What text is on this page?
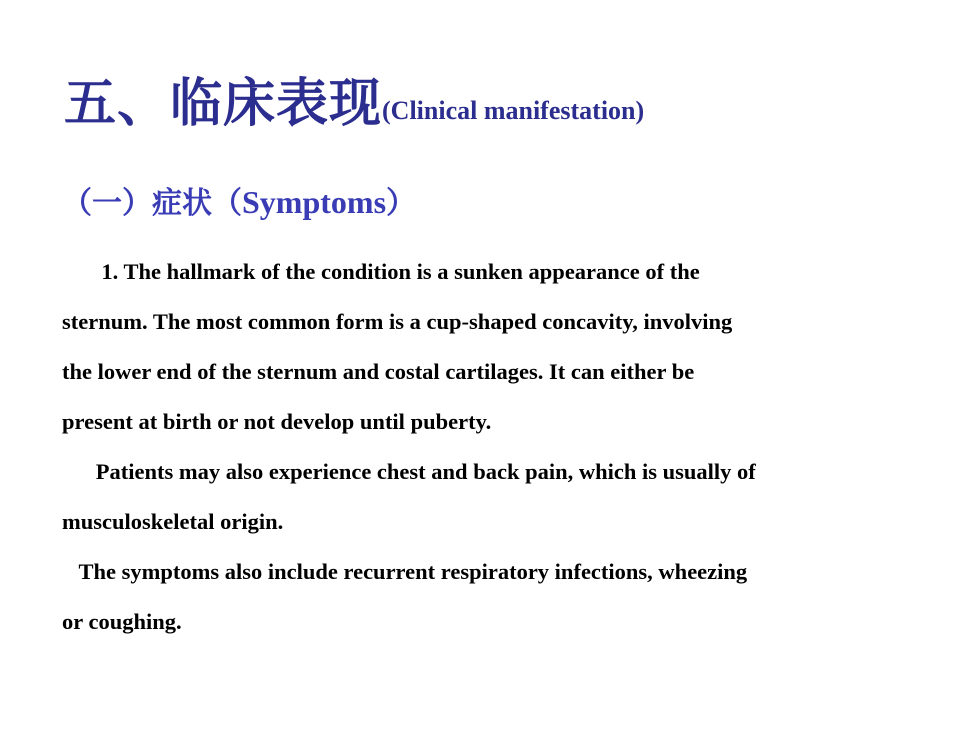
五、临床表现(Clinical manifestation)
（一）症状（Symptoms）
1. The hallmark of the condition is a sunken appearance of the
sternum. The most common form is a cup-shaped concavity, involving
the lower end of the sternum and costal cartilages. It can either be
present at birth or not develop until puberty.
Patients may also experience chest and back pain, which is usually of
musculoskeletal origin.
The symptoms also include recurrent respiratory infections, wheezing
or coughing.
